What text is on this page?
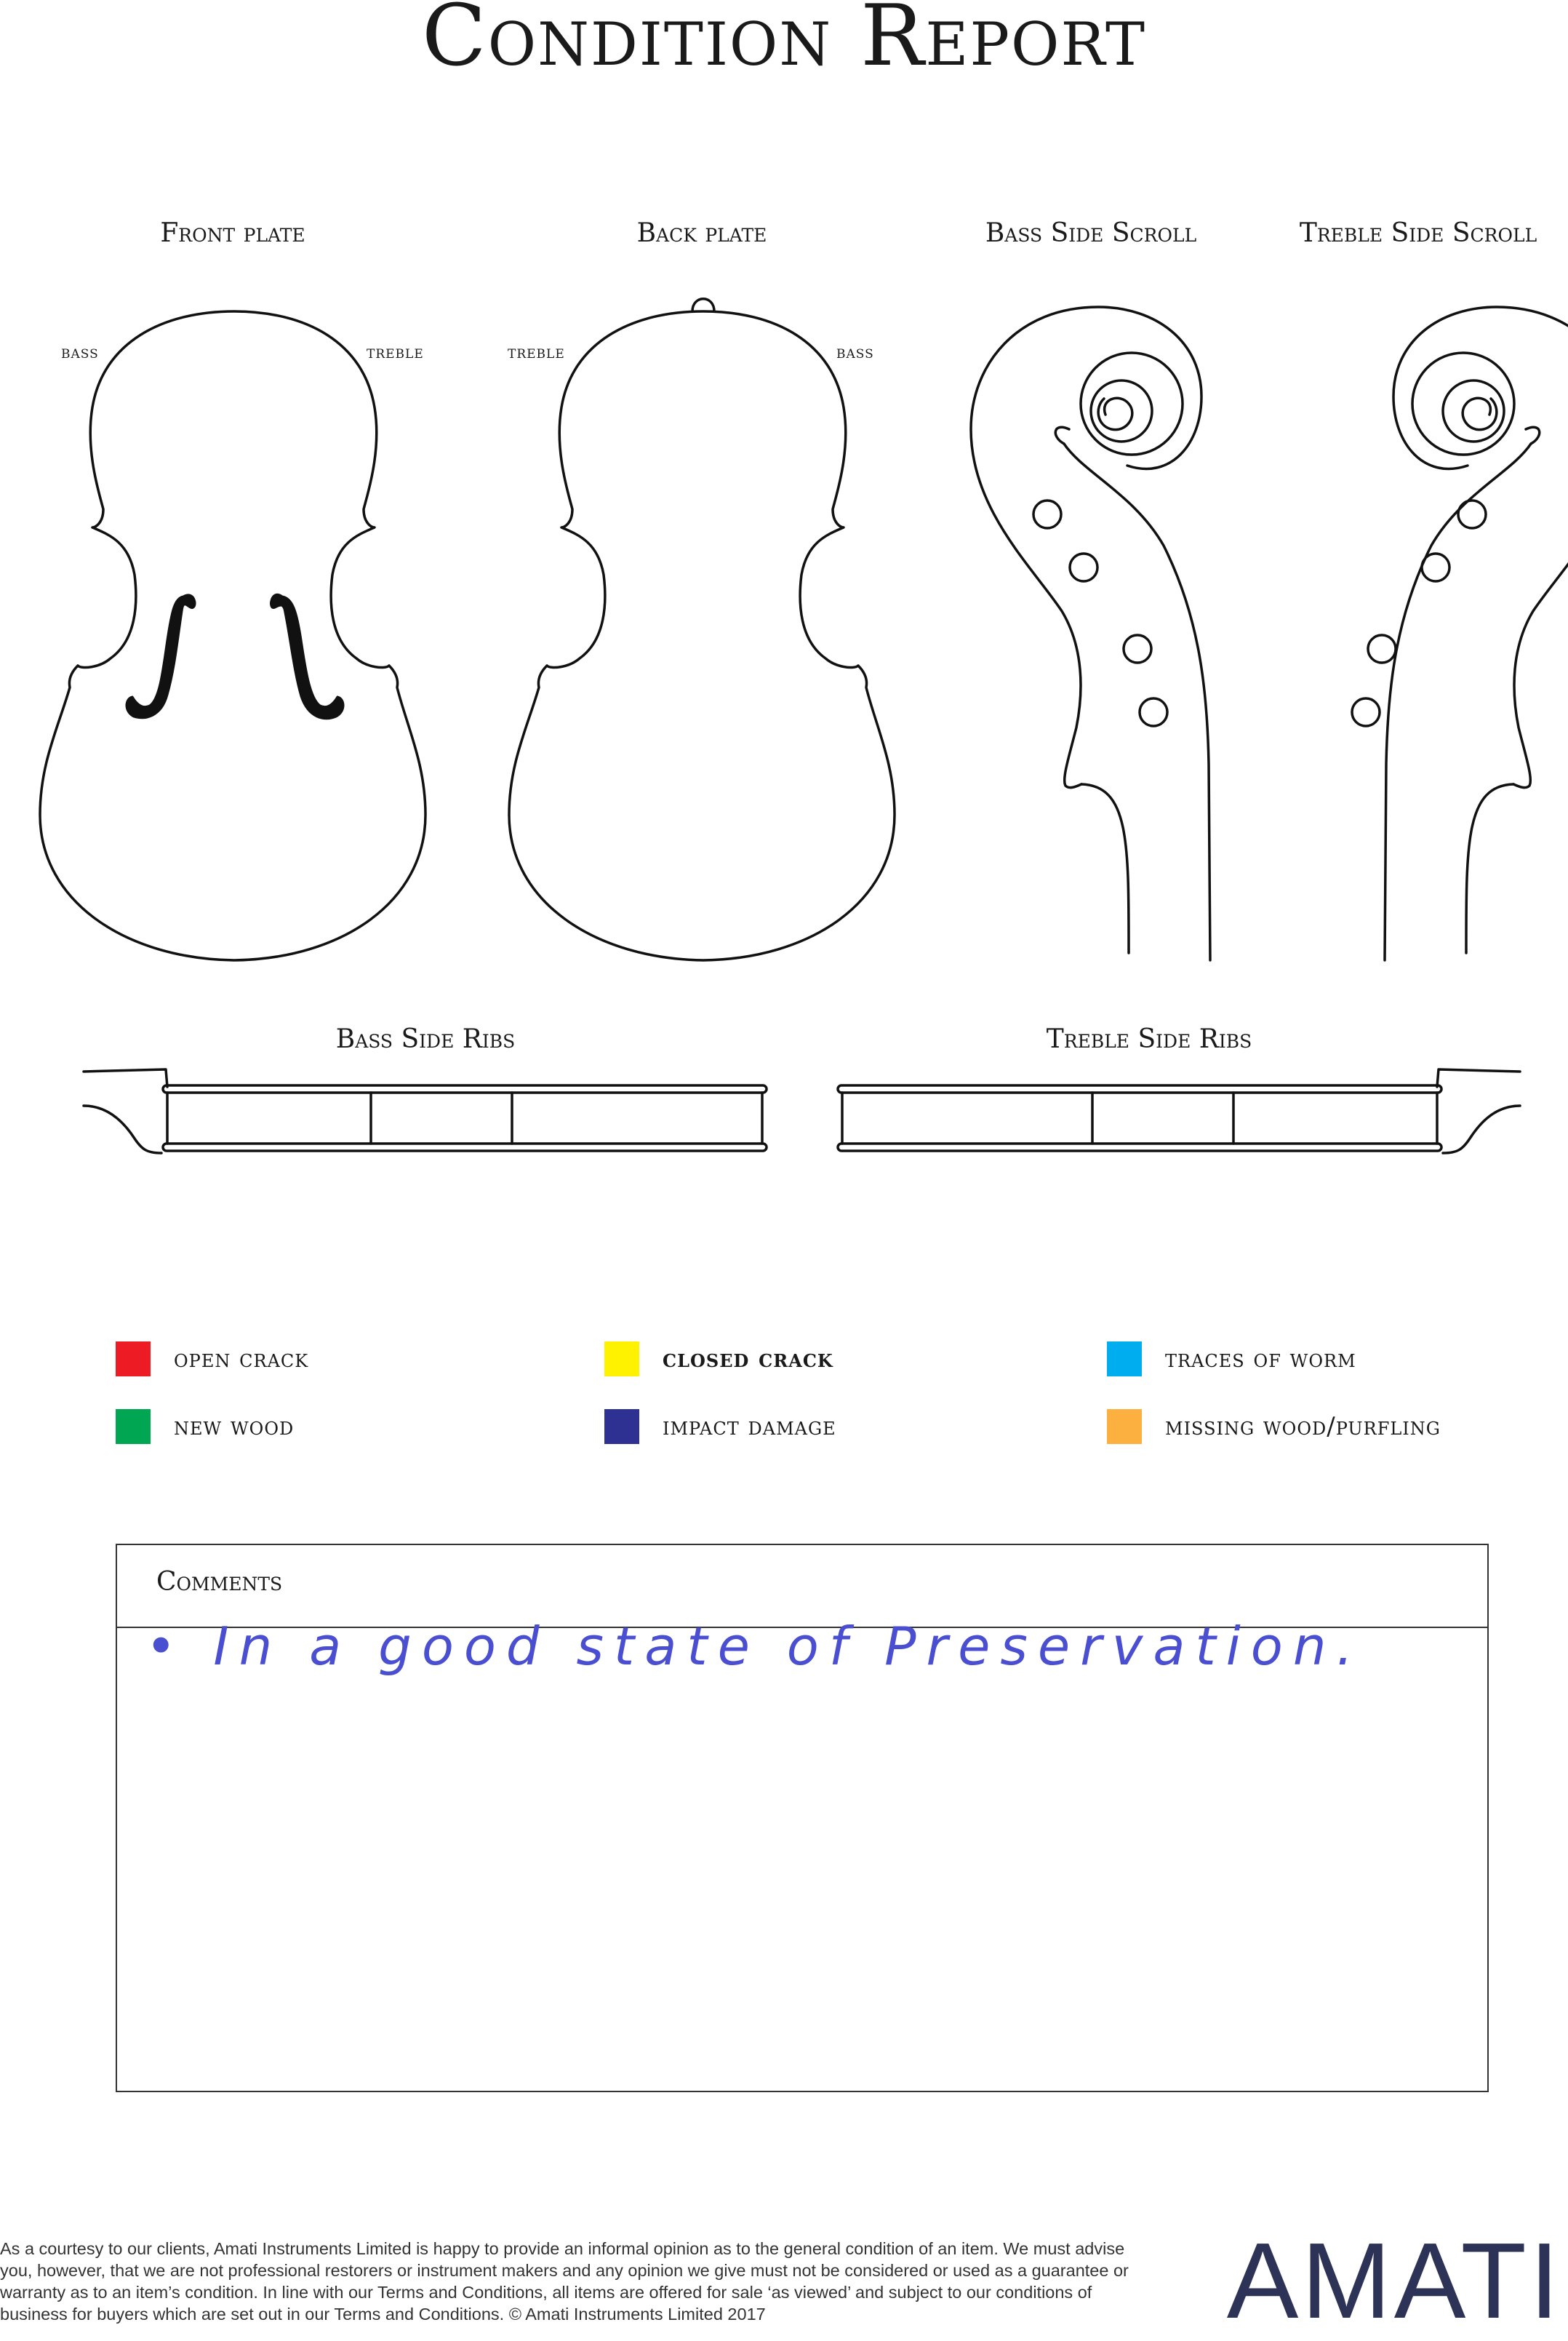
Condition Report
Front plate	Back plate	Bass Side Scroll	Treble Side Scroll
Bass Side Ribs	Treble Side Ribs
bass	treble	treble	bass
open crack	closed crack	traces of worm
new wood	impact damage	missing wood/purfling
Comments
• In a good state of Preservation.
As a courtesy to our clients, Amati Instruments Limited is happy to provide an informal opinion as to the general condition of an item. We must advise you, however, that we are not professional restorers or instrument makers and any opinion we give must not be considered or used as a guarantee or warranty as to an item’s condition. In line with our Terms and Conditions, all items are offered for sale ‘as viewed’ and subject to our conditions of business for buyers which are set out in our Terms and Conditions. © Amati Instruments Limited 2017	AMATI
